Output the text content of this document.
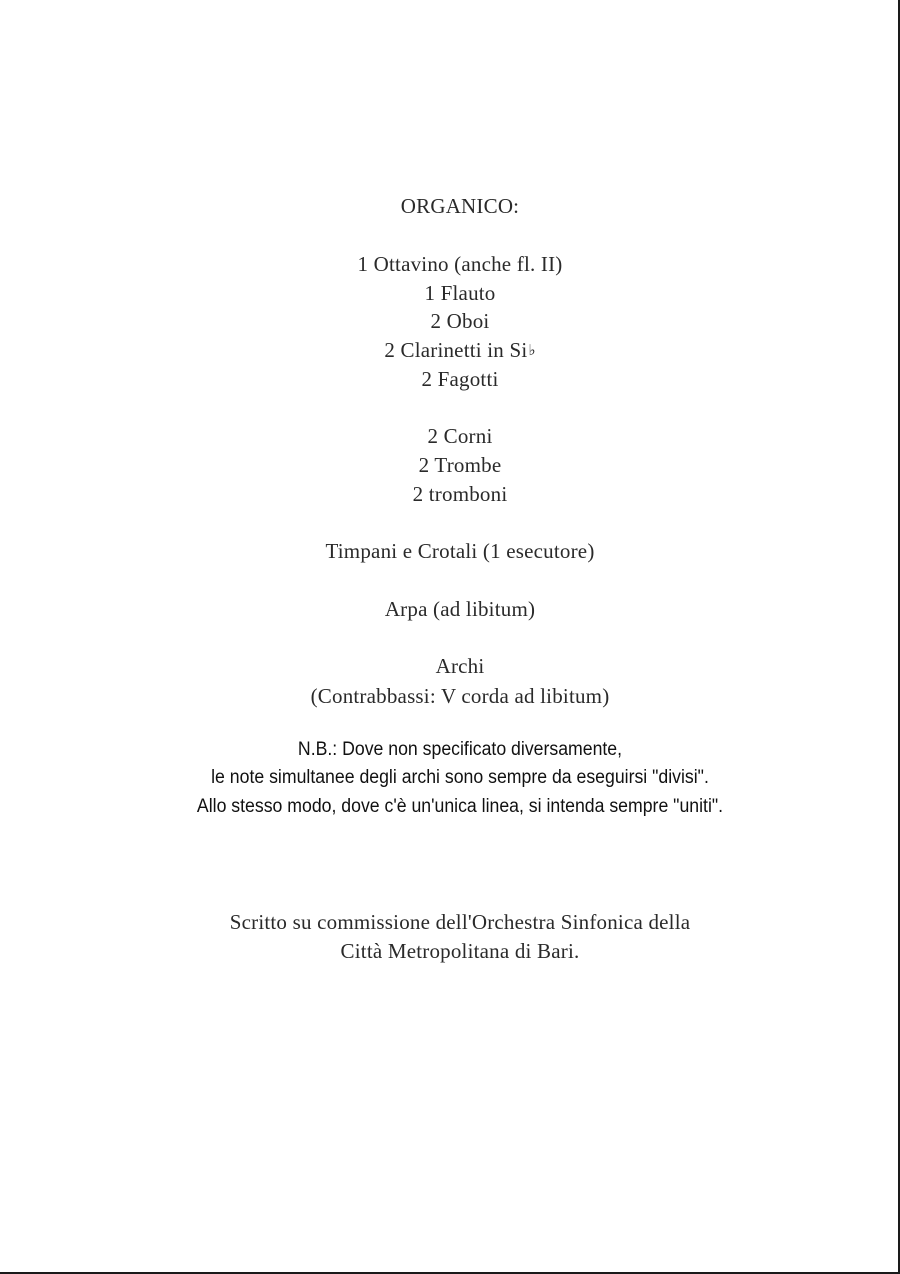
ORGANICO:
1 Ottavino (anche fl. II)
1 Flauto
2 Oboi
2 Clarinetti in Si♭
2 Fagotti
2 Corni
2 Trombe
2 tromboni
Timpani e Crotali (1 esecutore)
Arpa (ad libitum)
Archi
(Contrabbassi: V corda ad libitum)
N.B.: Dove non specificato diversamente,
le note simultanee degli archi sono sempre da eseguirsi "divisi".
Allo stesso modo, dove c'è un'unica linea, si intenda sempre "uniti".
Scritto su commissione dell'Orchestra Sinfonica della
Città Metropolitana di Bari.
